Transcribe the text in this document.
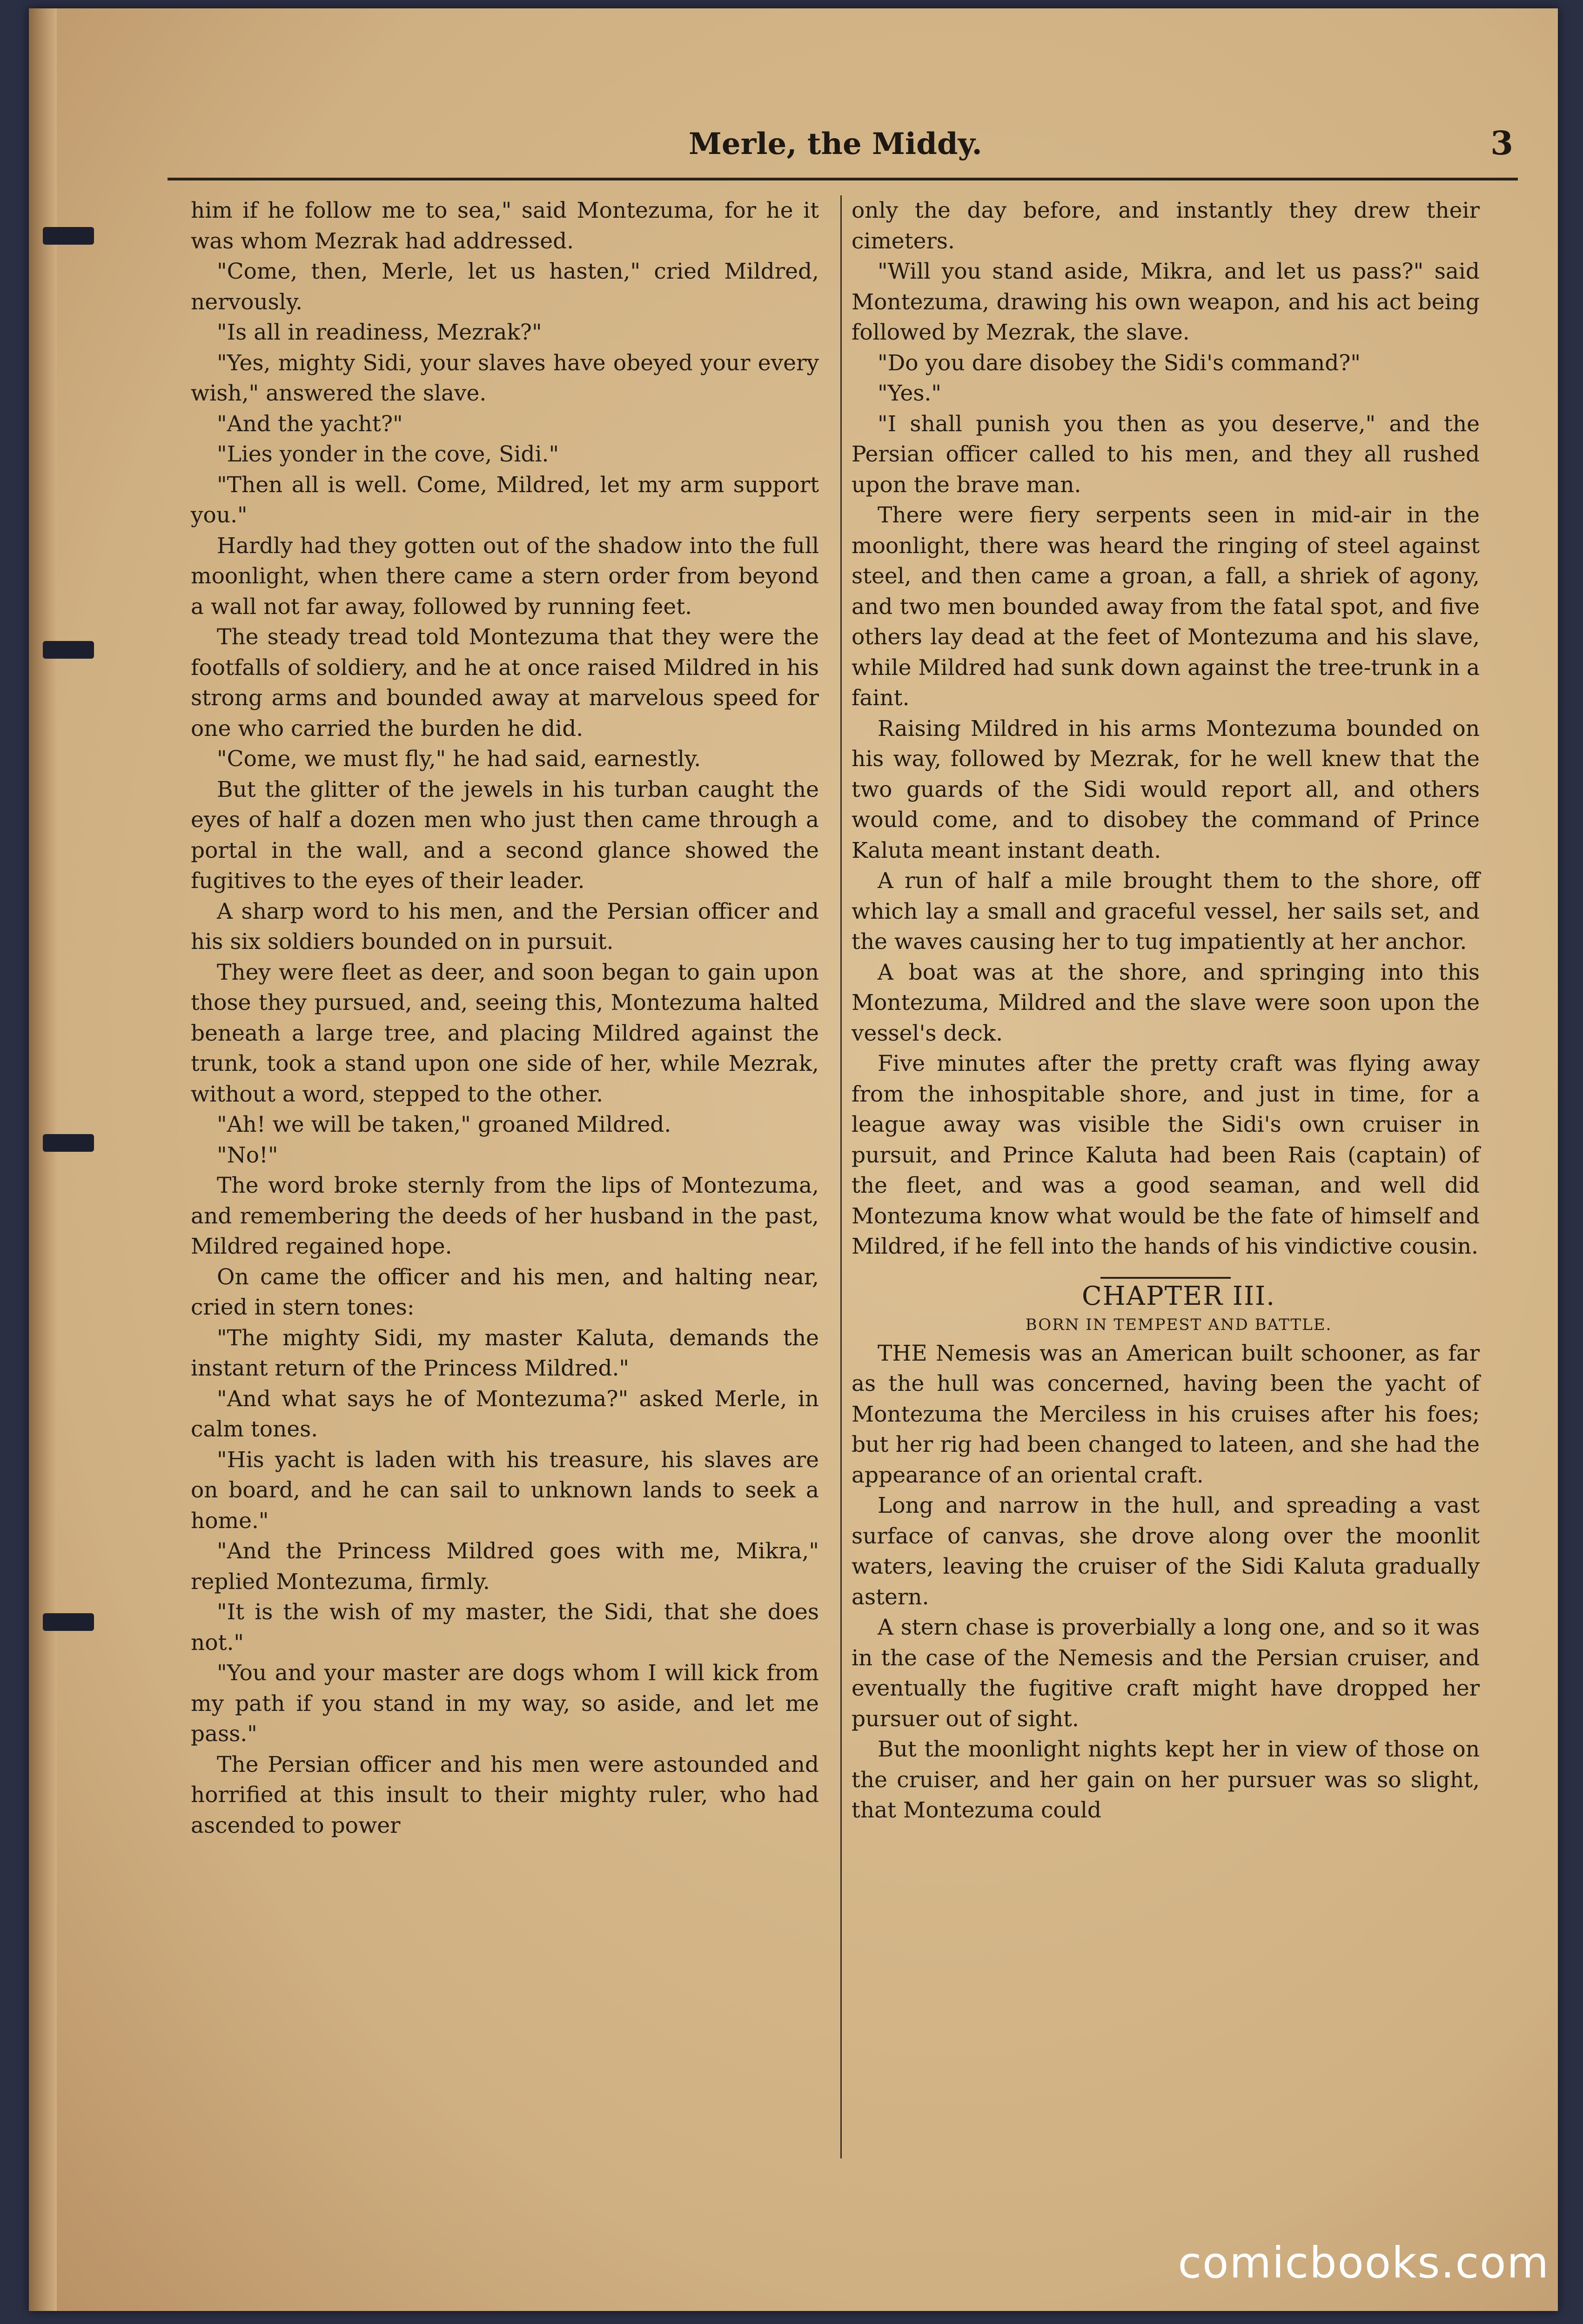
Merle, the Middy.	3

him if he follow me to sea," said Montezuma, for he it was whom Mezrak had addressed.

"Come, then, Merle, let us hasten," cried Mildred, nervously.

"Is all in readiness, Mezrak?"

"Yes, mighty Sidi, your slaves have obeyed your every wish," answered the slave.

"And the yacht?"

"Lies yonder in the cove, Sidi."

"Then all is well. Come, Mildred, let my arm support you."

Hardly had they gotten out of the shadow into the full moonlight, when there came a stern order from beyond a wall not far away, followed by running feet.

The steady tread told Montezuma that they were the footfalls of soldiery, and he at once raised Mildred in his strong arms and bounded away at marvelous speed for one who carried the burden he did.

"Come, we must fly," he had said, earnestly.

But the glitter of the jewels in his turban caught the eyes of half a dozen men who just then came through a portal in the wall, and a second glance showed the fugitives to the eyes of their leader.

A sharp word to his men, and the Persian officer and his six soldiers bounded on in pursuit.

They were fleet as deer, and soon began to gain upon those they pursued, and, seeing this, Montezuma halted beneath a large tree, and placing Mildred against the trunk, took a stand upon one side of her, while Mezrak, without a word, stepped to the other.

"Ah! we will be taken," groaned Mildred.

"No!"

The word broke sternly from the lips of Montezuma, and remembering the deeds of her husband in the past, Mildred regained hope.

On came the officer and his men, and halting near, cried in stern tones:

"The mighty Sidi, my master Kaluta, demands the instant return of the Princess Mildred."

"And what says he of Montezuma?" asked Merle, in calm tones.

"His yacht is laden with his treasure, his slaves are on board, and he can sail to unknown lands to seek a home."

"And the Princess Mildred goes with me, Mikra," replied Montezuma, firmly.

"It is the wish of my master, the Sidi, that she does not."

"You and your master are dogs whom I will kick from my path if you stand in my way, so aside, and let me pass."

The Persian officer and his men were astounded and horrified at this insult to their mighty ruler, who had ascended to power

only the day before, and instantly they drew their cimeters.

"Will you stand aside, Mikra, and let us pass?" said Montezuma, drawing his own weapon, and his act being followed by Mezrak, the slave.

"Do you dare disobey the Sidi's command?"

"Yes."

"I shall punish you then as you deserve," and the Persian officer called to his men, and they all rushed upon the brave man.

There were fiery serpents seen in mid-air in the moonlight, there was heard the ringing of steel against steel, and then came a groan, a fall, a shriek of agony, and two men bounded away from the fatal spot, and five others lay dead at the feet of Montezuma and his slave, while Mildred had sunk down against the tree-trunk in a faint.

Raising Mildred in his arms Montezuma bounded on his way, followed by Mezrak, for he well knew that the two guards of the Sidi would report all, and others would come, and to disobey the command of Prince Kaluta meant instant death.

A run of half a mile brought them to the shore, off which lay a small and graceful vessel, her sails set, and the waves causing her to tug impatiently at her anchor.

A boat was at the shore, and springing into this Montezuma, Mildred and the slave were soon upon the vessel's deck.

Five minutes after the pretty craft was flying away from the inhospitable shore, and just in time, for a league away was visible the Sidi's own cruiser in pursuit, and Prince Kaluta had been Rais (captain) of the fleet, and was a good seaman, and well did Montezuma know what would be the fate of himself and Mildred, if he fell into the hands of his vindictive cousin.

CHAPTER III.

BORN IN TEMPEST AND BATTLE.

THE Nemesis was an American built schooner, as far as the hull was concerned, having been the yacht of Montezuma the Merciless in his cruises after his foes; but her rig had been changed to lateen, and she had the appearance of an oriental craft.

Long and narrow in the hull, and spreading a vast surface of canvas, she drove along over the moonlit waters, leaving the cruiser of the Sidi Kaluta gradually astern.

A stern chase is proverbially a long one, and so it was in the case of the Nemesis and the Persian cruiser, and eventually the fugitive craft might have dropped her pursuer out of sight.

But the moonlight nights kept her in view of those on the cruiser, and her gain on her pursuer was so slight, that Montezuma could

comicbooks.com
